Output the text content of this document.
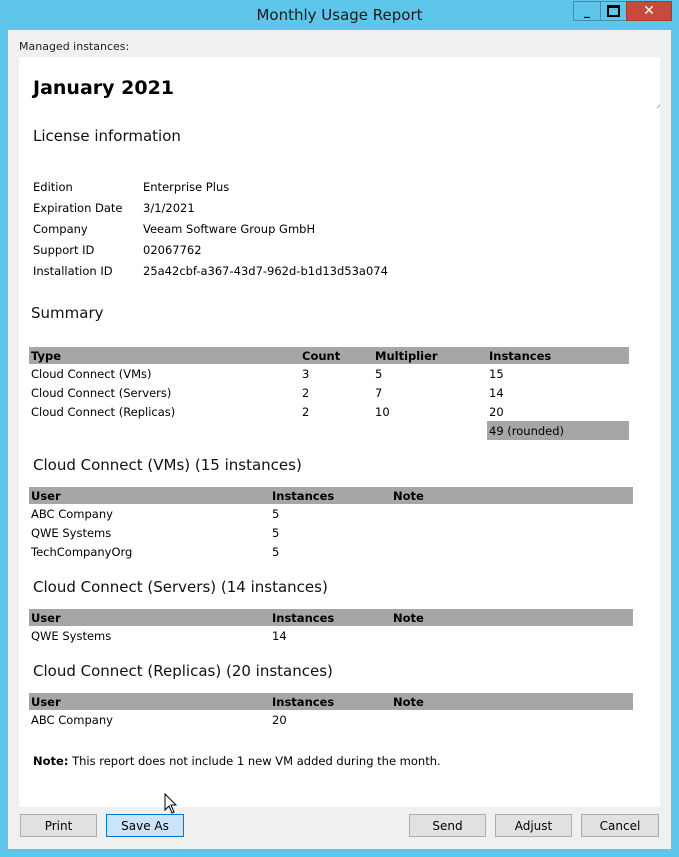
Monthly Usage Report	_	✕
Managed instances:
January 2021
License information
Edition	Enterprise Plus
Expiration Date 3/1/2021
Company	Veeam Software Group GmbH
Support ID	02067762
Installation ID	25a42cbf-a367-43d7-962d-b1d13d53a074
Summary
Type	Count	Multiplier	Instances
Cloud Connect (VMs)	3	5	15
Cloud Connect (Servers)	2	7	14
Cloud Connect (Replicas)	2	10	20
			49 (rounded)
Cloud Connect (VMs) (15 instances)
User	Instances	Note
ABC Company	5	
QWE Systems	5	
TechCompanyOrg	5	
Cloud Connect (Servers) (14 instances)
User	Instances	Note
QWE Systems	14	
Cloud Connect (Replicas) (20 instances)
User	Instances	Note
ABC Company	20	
Note: This report does not include 1 new VM added during the month.
Print	Save As	Send	Adjust	Cancel
